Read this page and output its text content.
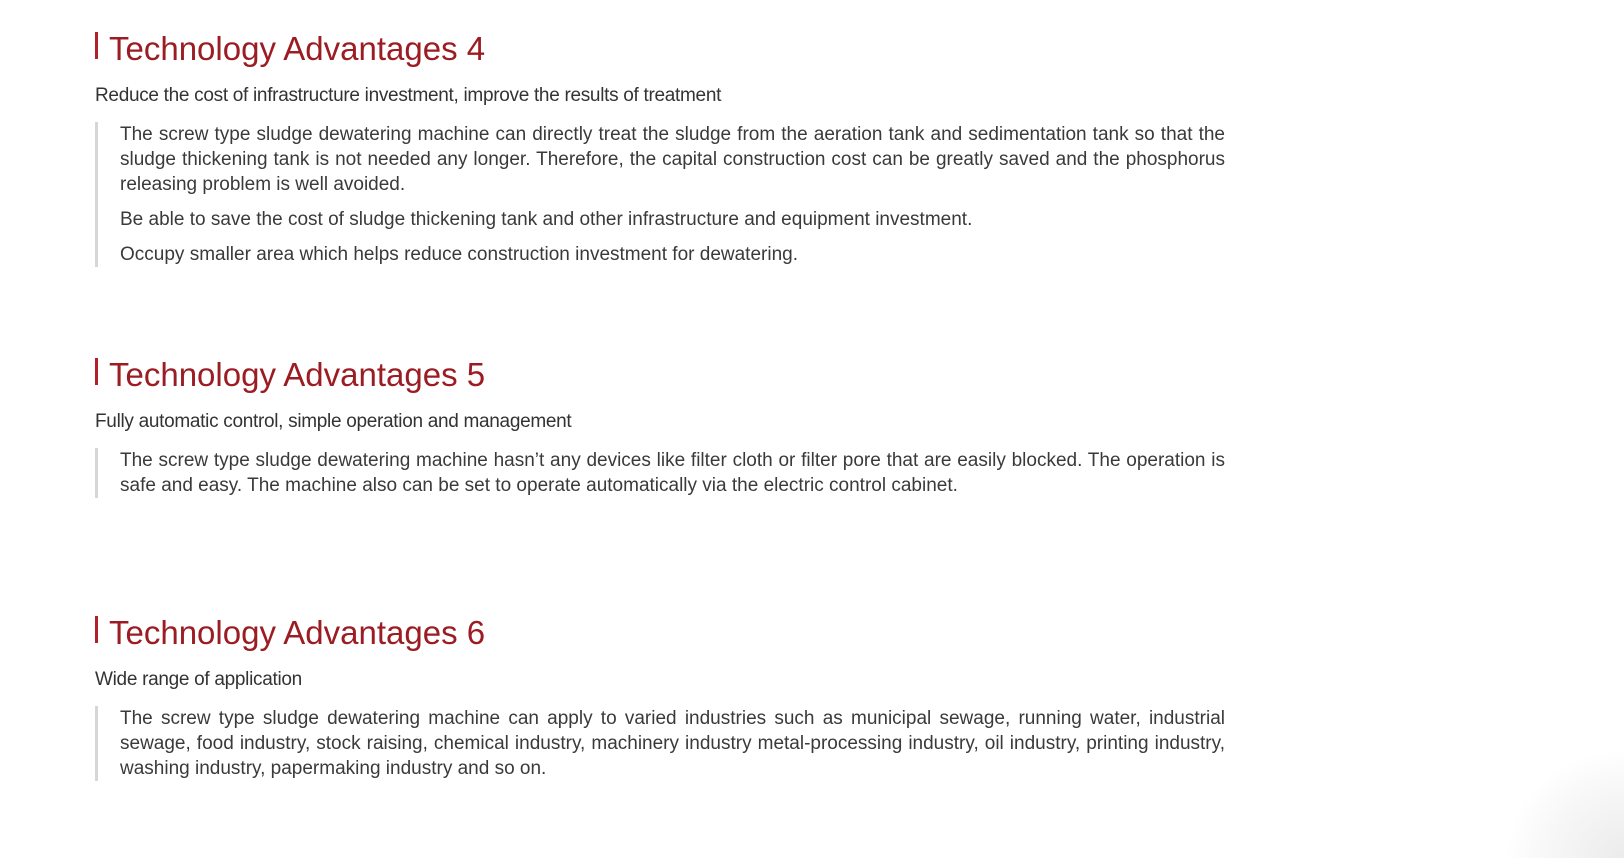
Technology Advantages 4

Reduce the cost of infrastructure investment, improve the results of treatment

The screw type sludge dewatering machine can directly treat the sludge from the aeration tank and sedimentation tank so that the sludge thickening tank is not needed any longer. Therefore, the capital construction cost can be greatly saved and the phosphorus releasing problem is well avoided.

Be able to save the cost of sludge thickening tank and other infrastructure and equipment investment.

Occupy smaller area which helps reduce construction investment for dewatering.

Technology Advantages 5

Fully automatic control, simple operation and management

The screw type sludge dewatering machine hasn’t any devices like filter cloth or filter pore that are easily blocked. The operation is safe and easy. The machine also can be set to operate automatically via the electric control cabinet.

Technology Advantages 6

Wide range of application

The screw type sludge dewatering machine can apply to varied industries such as municipal sewage, running water, industrial sewage, food industry, stock raising, chemical industry, machinery industry metal-processing industry, oil industry, printing industry, washing industry, papermaking industry and so on.
